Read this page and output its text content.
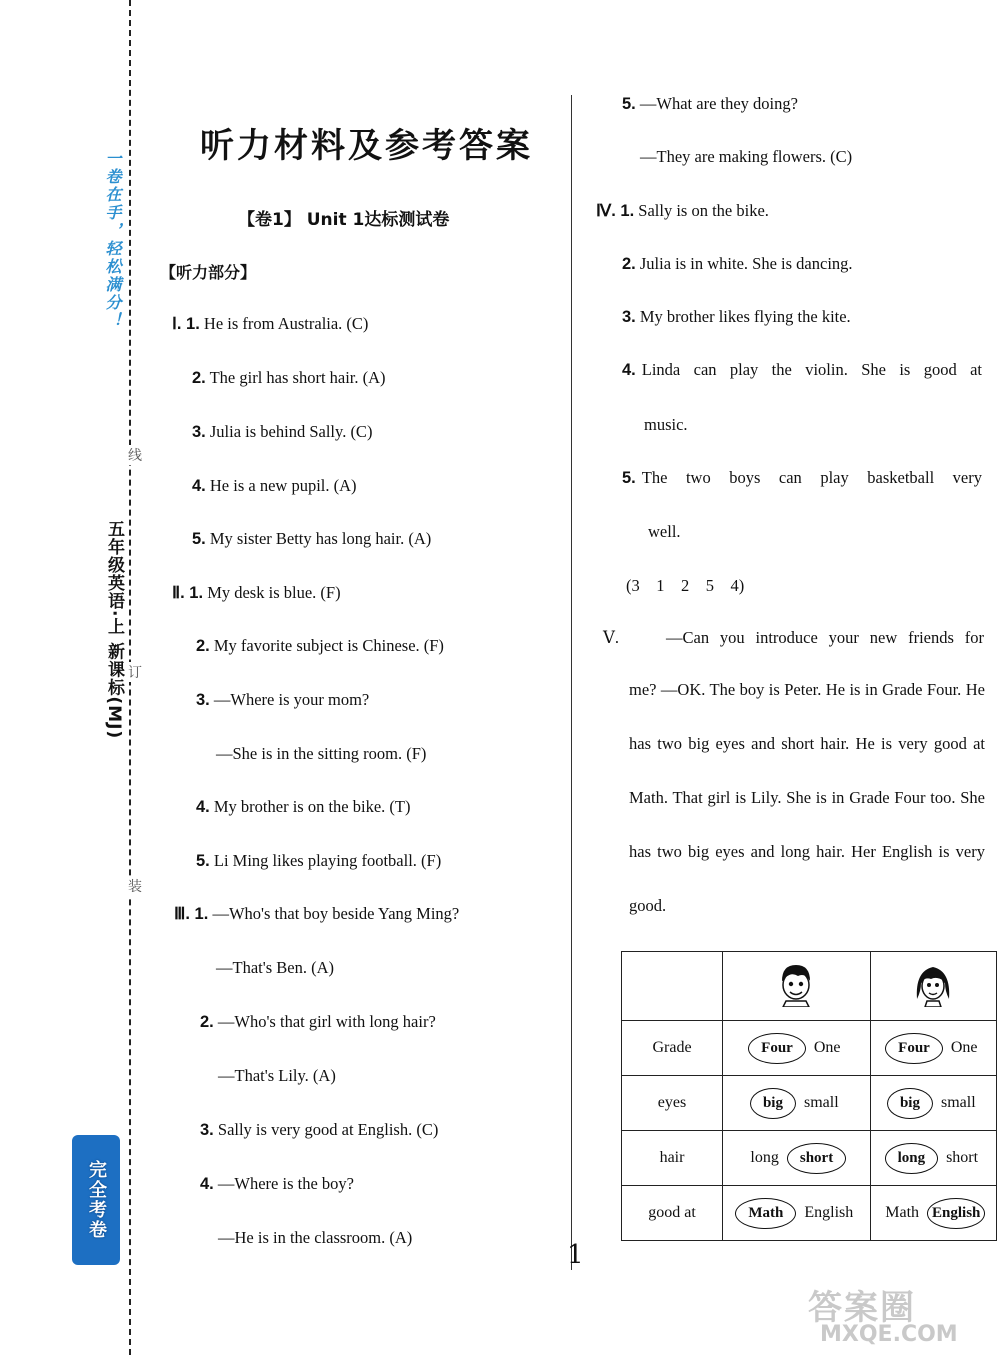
线
订
装
一卷在手，轻松满分！
五年级英语·上 新课标(MJ)
完全考卷
听力材料及参考答案
【卷1】 Unit 1达标测试卷
【听力部分】
Ⅰ. 1. He is from Australia. (C)
2. The girl has short hair. (A)
3. Julia is behind Sally. (C)
4. He is a new pupil. (A)
5. My sister Betty has long hair. (A)
Ⅱ. 1. My desk is blue. (F)
2. My favorite subject is Chinese. (F)
3. —Where is your mom?
—She is in the sitting room. (F)
4. My brother is on the bike. (T)
5. Li Ming likes playing football. (F)
Ⅲ. 1. —Who's that boy beside Yang Ming?
—That's Ben. (A)
2. —Who's that girl with long hair?
—That's Lily. (A)
3. Sally is very good at English. (C)
4. —Where is the boy?
—He is in the classroom. (A)
5. —What are they doing?
—They are making flowers. (C)
Ⅳ. 1. Sally is on the bike.
2. Julia is in white. She is dancing.
3. My brother likes flying the kite.
4. Linda can play the violin. She is good at
music.
5. The two boys can play basketball very
well.
(3　1　2　5　4)
Ⅴ.	—Can you introduce your new friends for
me? —OK. The boy is Peter. He is in Grade Four. He has two big eyes and short hair. He is very good at Math. That girl is Lily. She is in Grade Four too. She has two big eyes and long hair. Her English is very good.

Grade	Four One	Four One
eyes	big small	big small
hair	long short	long short
good at	Math English	Math English
1
答案圈
MXQE.COM
